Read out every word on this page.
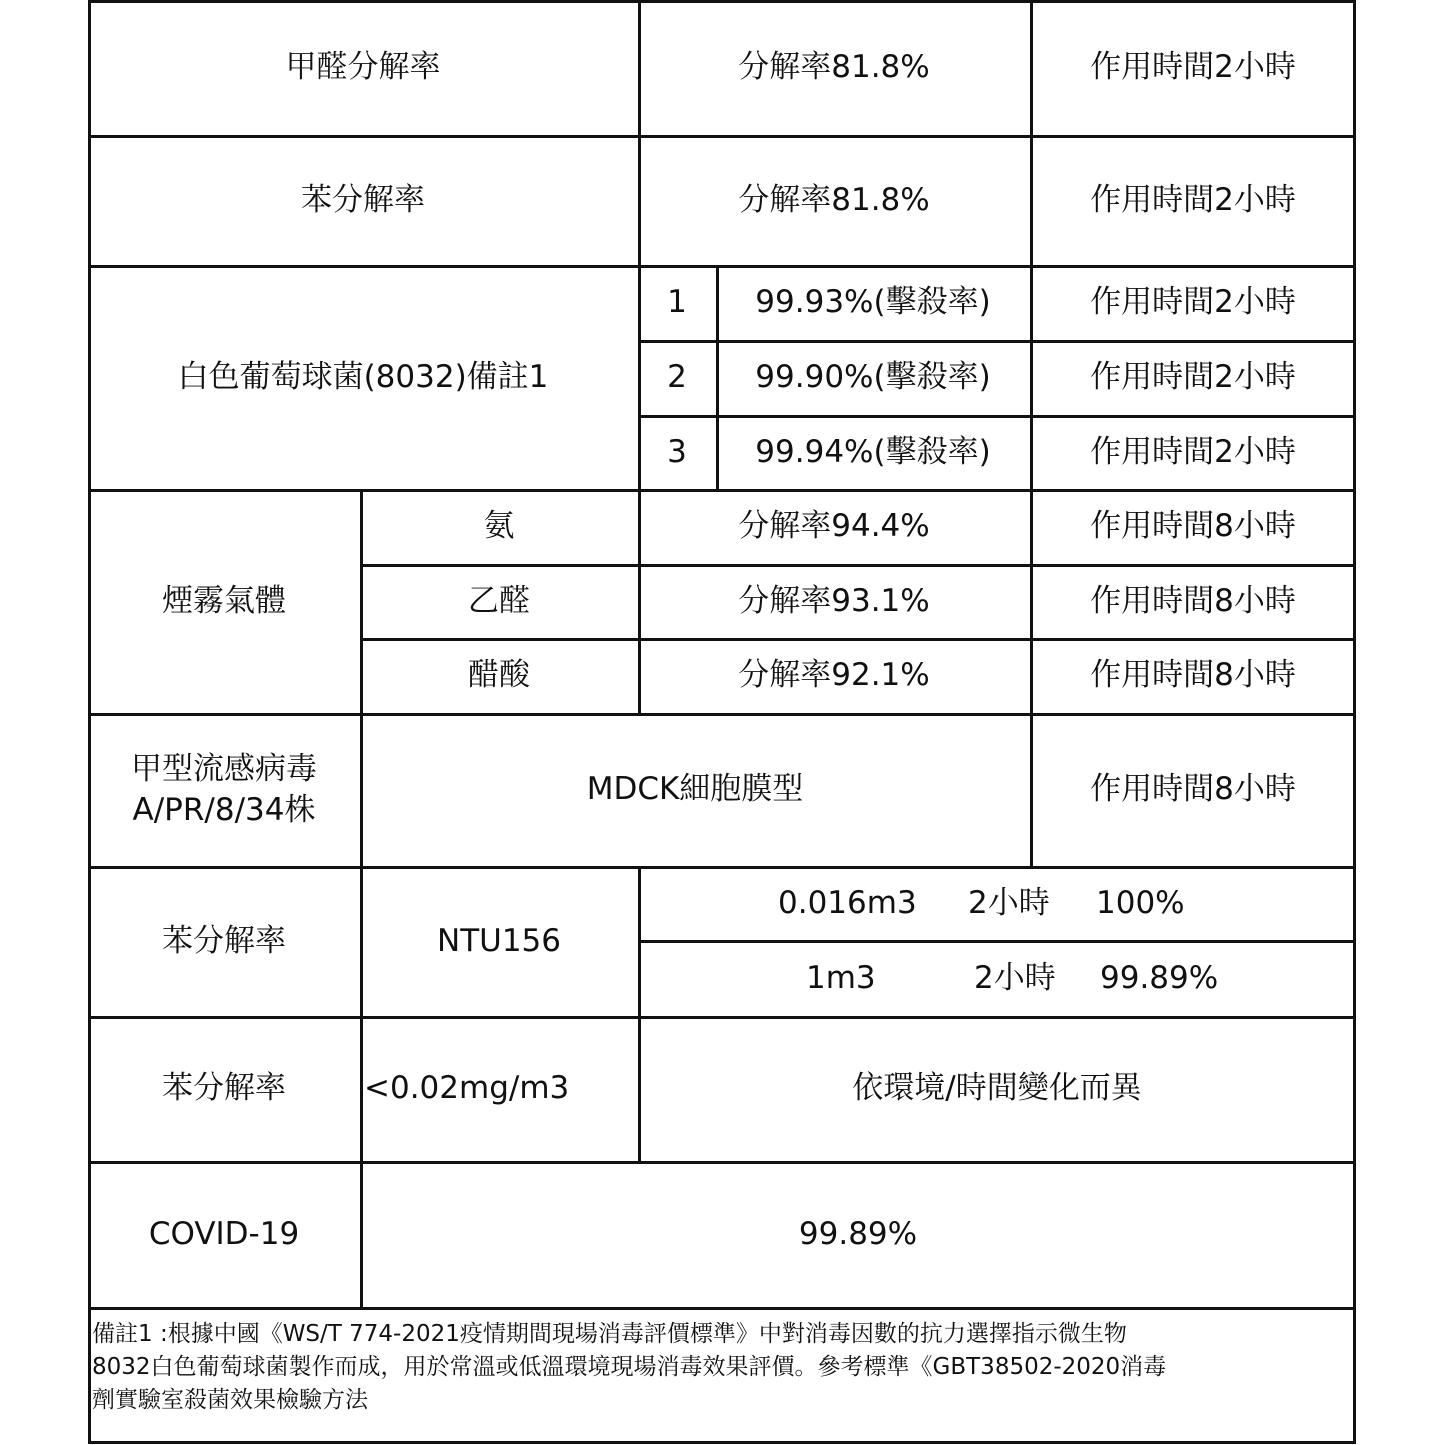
甲醛分解率	分解率81.8%	作用時間2小時
苯分解率	分解率81.8%	作用時間2小時
白色葡萄球菌(8032)備註1
1	99.93%(擊殺率)	作用時間2小時
2	99.90%(擊殺率)	作用時間2小時
3	99.94%(擊殺率)	作用時間2小時
煙霧氣體
氨	分解率94.4%	作用時間8小時
乙醛	分解率93.1%	作用時間8小時
醋酸	分解率92.1%	作用時間8小時
甲型流感病毒
A/PR/8/34株
MDCK細胞膜型	作用時間8小時
苯分解率	NTU156
0.016m3	2小時	100%
1m3	2小時	99.89%
苯分解率	<0.02mg/m3	依環境/時間變化而異
COVID-19	99.89%
備註1 :根據中國《WS/T 774-2021疫情期間現場消毒評價標準》中對消毒因數的抗力選擇指示微生物
8032白色葡萄球菌製作而成，用於常溫或低溫環境現場消毒效果評價。參考標準《GBT38502-2020消毒
劑實驗室殺菌效果檢驗方法
